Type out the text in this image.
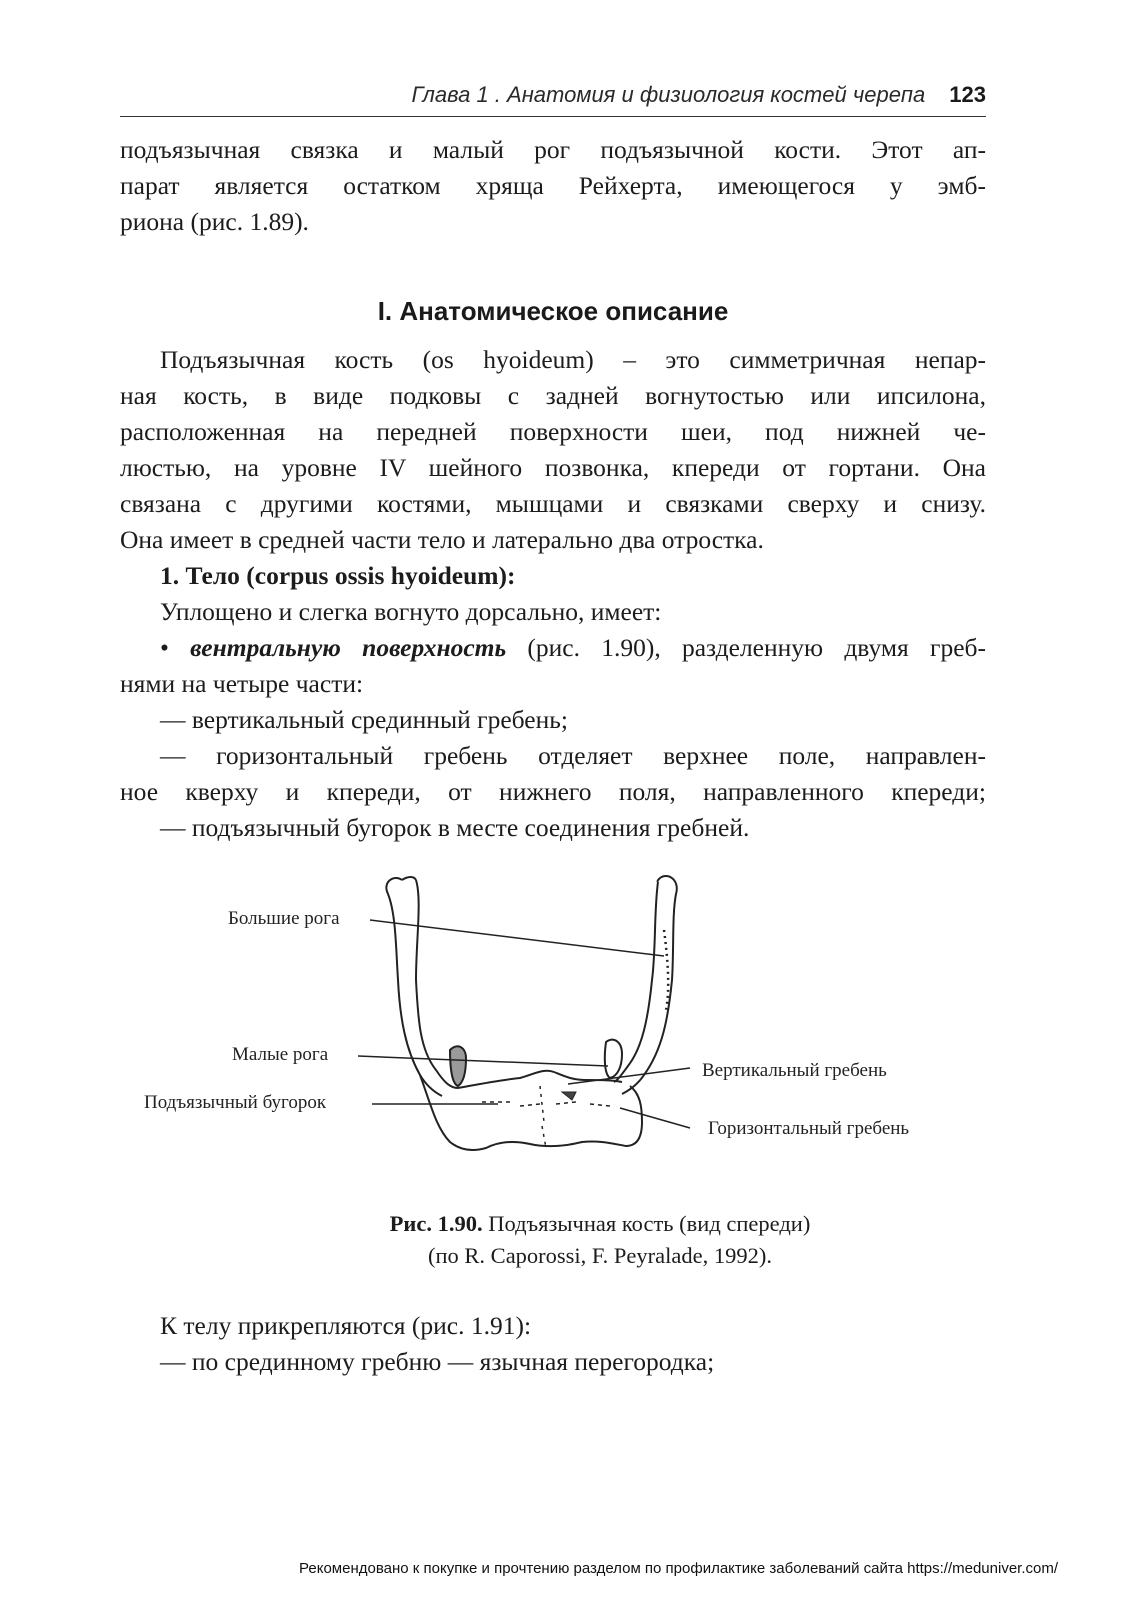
Глава 1 . Анатомия и физиология костей черепа 123
подъязычная связка и малый рог подъязычной кости. Этот ап-
парат является остатком хряща Рейхерта, имеющегося у эмб-
риона (рис. 1.89).
I. Анатомическое описание
Подъязычная кость (os hyoideum) – это симметричная непар-
ная кость, в виде подковы с задней вогнутостью или ипсилона,
расположенная на передней поверхности шеи, под нижней че-
люстью, на уровне IV шейного позвонка, кпереди от гортани. Она
связана с другими костями, мышцами и связками сверху и снизу.
Она имеет в средней части тело и латерально два отростка.
1. Тело (corpus ossis hyoideum):
Уплощено и слегка вогнуто дорсально, имеет:
• вентральную поверхность (рис. 1.90), разделенную двумя греб-
нями на четыре части:
— вертикальный срединный гребень;
— горизонтальный гребень отделяет верхнее поле, направлен-
ное кверху и кпереди, от нижнего поля, направленного кпереди;
— подъязычный бугорок в месте соединения гребней.
Большие рога
Малые рога
Подъязычный бугорок
Вертикальный гребень
Горизонтальный гребень
Рис. 1.90. Подъязычная кость (вид спереди)
(по R. Caporossi, F. Peyralade, 1992).
К телу прикрепляются (рис. 1.91):
— по срединному гребню — язычная перегородка;
Рекомендовано к покупке и прочтению разделом по профилактике заболеваний сайта https://meduniver.com/
